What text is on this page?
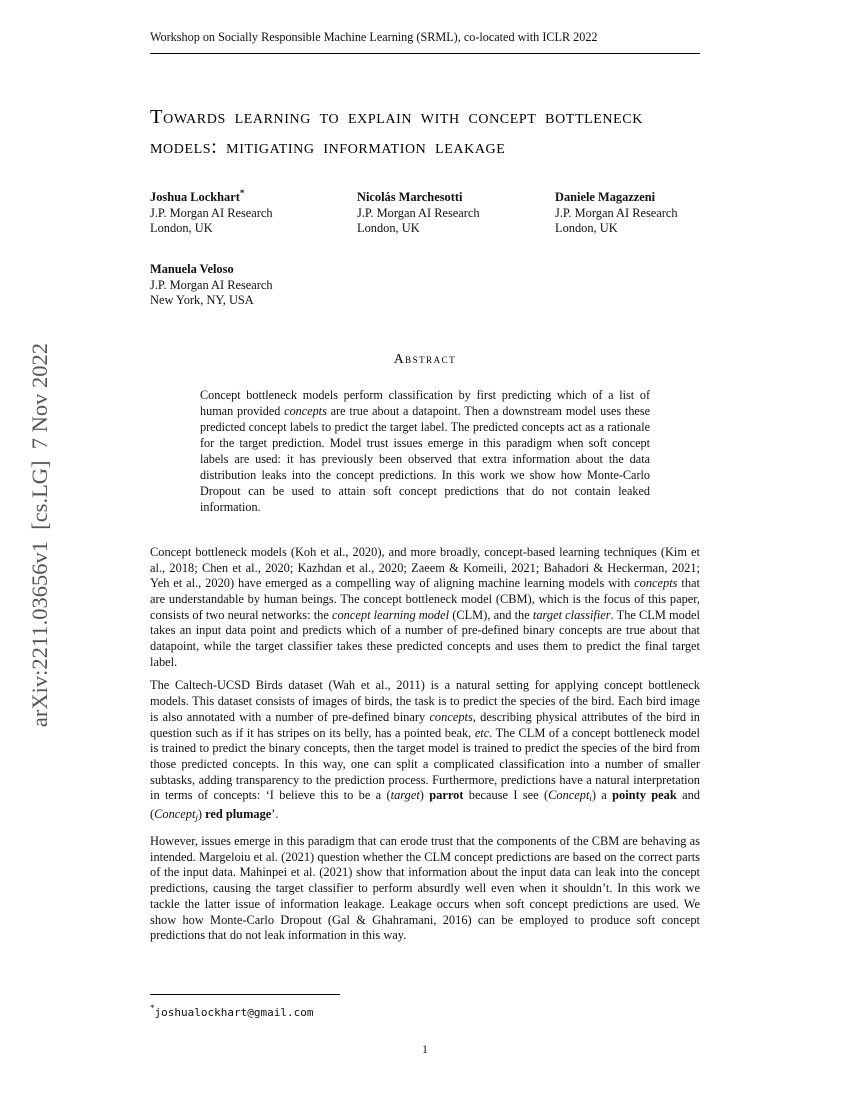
arXiv:2211.03656v1  [cs.LG]  7 Nov 2022
Workshop on Socially Responsible Machine Learning (SRML), co-located with ICLR 2022
Towards learning to explain with concept bottleneck models: mitigating information leakage
Joshua Lockhart*
J.P. Morgan AI Research
London, UK
Nicolás Marchesotti
J.P. Morgan AI Research
London, UK
Daniele Magazzeni
J.P. Morgan AI Research
London, UK
Manuela Veloso
J.P. Morgan AI Research
New York, NY, USA
Abstract

Concept bottleneck models perform classification by first predicting which of a list of human provided concepts are true about a datapoint. Then a downstream model uses these predicted concept labels to predict the target label. The predicted concepts act as a rationale for the target prediction. Model trust issues emerge in this paradigm when soft concept labels are used: it has previously been observed that extra information about the data distribution leaks into the concept predictions. In this work we show how Monte-Carlo Dropout can be used to attain soft concept predictions that do not contain leaked information.

Concept bottleneck models (Koh et al., 2020), and more broadly, concept-based learning techniques (Kim et al., 2018; Chen et al., 2020; Kazhdan et al., 2020; Zaeem & Komeili, 2021; Bahadori & Heckerman, 2021; Yeh et al., 2020) have emerged as a compelling way of aligning machine learning models with concepts that are understandable by human beings. The concept bottleneck model (CBM), which is the focus of this paper, consists of two neural networks: the concept learning model (CLM), and the target classifier. The CLM model takes an input data point and predicts which of a number of pre-defined binary concepts are true about that datapoint, while the target classifier takes these predicted concepts and uses them to predict the final target label.

The Caltech-UCSD Birds dataset (Wah et al., 2011) is a natural setting for applying concept bottleneck models. This dataset consists of images of birds, the task is to predict the species of the bird. Each bird image is also annotated with a number of pre-defined binary concepts, describing physical attributes of the bird in question such as if it has stripes on its belly, has a pointed beak, etc. The CLM of a concept bottleneck model is trained to predict the binary concepts, then the target model is trained to predict the species of the bird from those predicted concepts. In this way, one can split a complicated classification into a number of smaller subtasks, adding transparency to the prediction process. Furthermore, predictions have a natural interpretation in terms of concepts: ‘I believe this to be a (target) parrot because I see (Concepti) a pointy peak and (Conceptj) red plumage’.

However, issues emerge in this paradigm that can erode trust that the components of the CBM are behaving as intended. Margeloiu et al. (2021) question whether the CLM concept predictions are based on the correct parts of the input data. Mahinpei et al. (2021) show that information about the input data can leak into the concept predictions, causing the target classifier to perform absurdly well even when it shouldn’t. In this work we tackle the latter issue of information leakage. Leakage occurs when soft concept predictions are used. We show how Monte-Carlo Dropout (Gal & Ghahramani, 2016) can be employed to produce soft concept predictions that do not leak information in this way.

*joshualockhart@gmail.com
1
